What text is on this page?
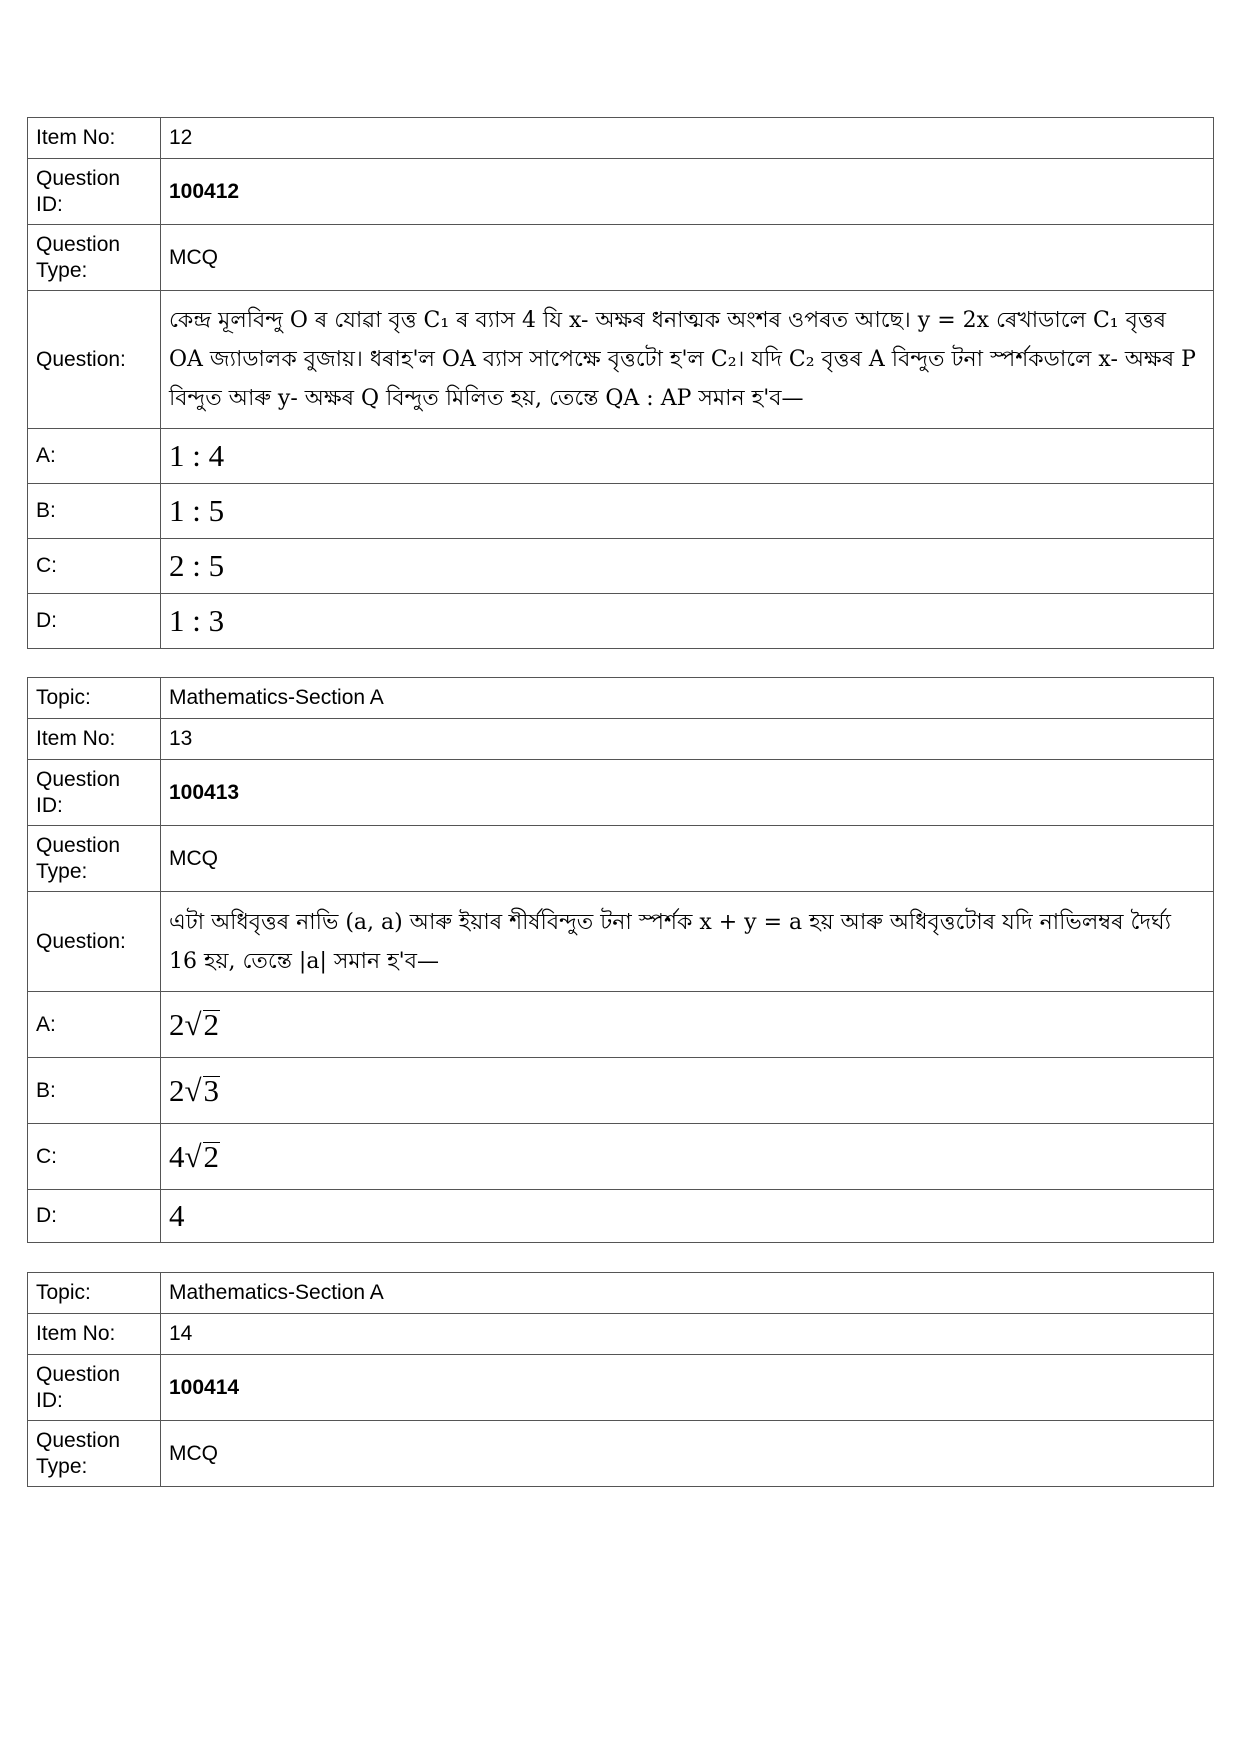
Item No:	12
Question ID:	100412
Question Type:	MCQ
Question:	কেন্দ্র মূলবিন্দু O ৰ যোৱা বৃত্ত C₁ ৰ ব্যাস 4 যি x- অক্ষৰ ধনাত্মক অংশৰ ওপৰত আছে। y = 2x ৰেখাডালে C₁ বৃত্তৰ OA জ্যাডালক বুজায়। ধৰাহ'ল OA ব্যাস সাপেক্ষে বৃত্তটো হ'ল C₂। যদি C₂ বৃত্তৰ A বিন্দুত টনা স্পৰ্শকডালে x- অক্ষৰ P বিন্দুত আৰু y- অক্ষৰ Q বিন্দুত মিলিত হয়, তেন্তে QA : AP সমান হ'ব—
A:	1 : 4
B:	1 : 5
C:	2 : 5
D:	1 : 3
Topic:	Mathematics-Section A
Item No:	13
Question ID:	100413
Question Type:	MCQ
Question:	এটা অধিবৃত্তৰ নাভি (a, a) আৰু ইয়াৰ শীৰ্ষবিন্দুত টনা স্পৰ্শক x + y = a হয় আৰু অধিবৃত্তটোৰ যদি নাভিলম্বৰ দৈৰ্ঘ্য 16 হয়, তেন্তে |a| সমান হ'ব—
A:	2√2
B:	2√3
C:	4√2
D:	4
Topic:	Mathematics-Section A
Item No:	14
Question ID:	100414
Question Type:	MCQ
